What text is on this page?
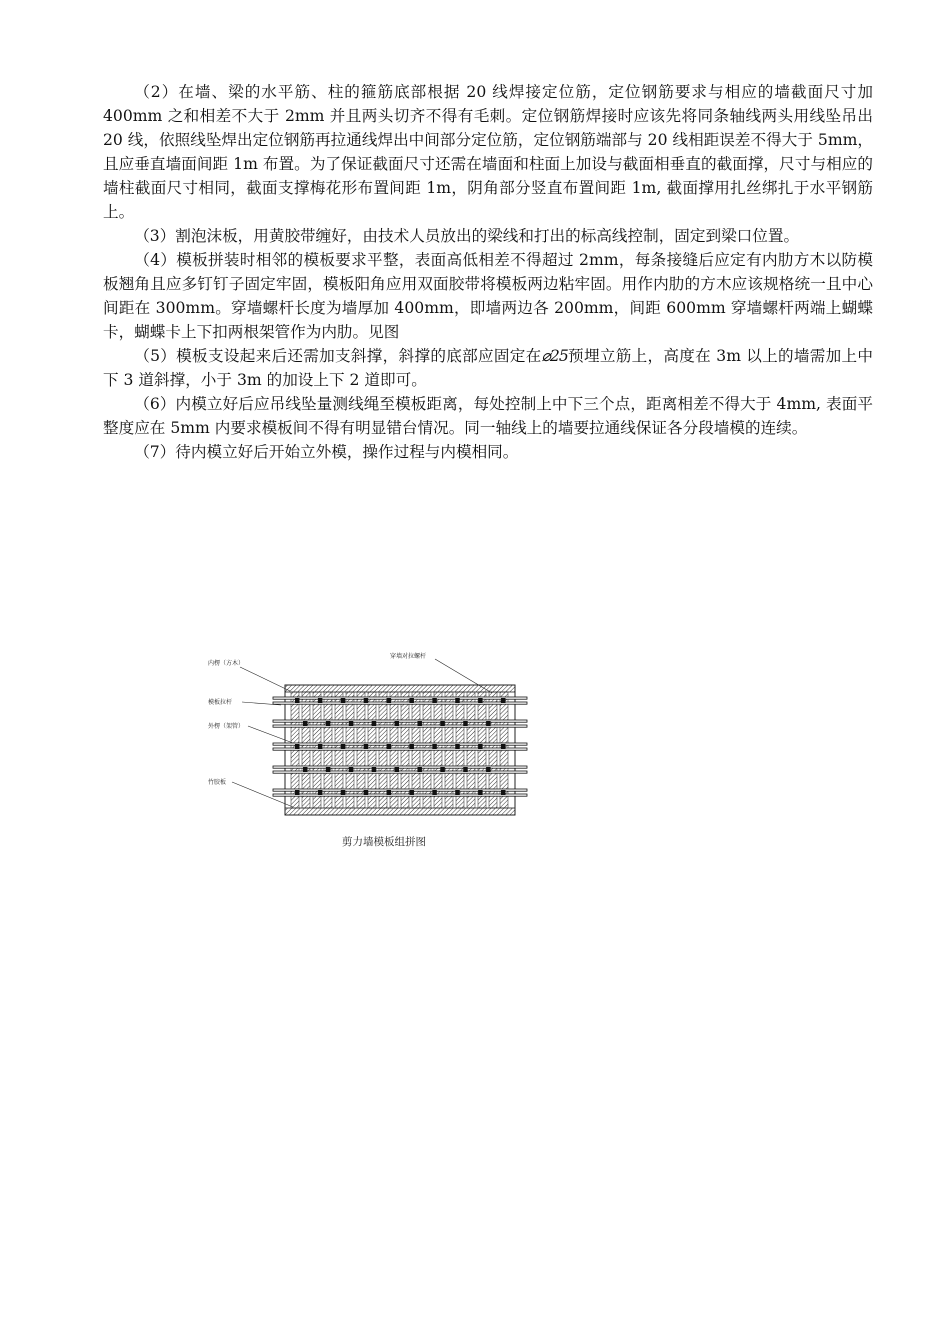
（2）在墙、梁的水平筋、柱的箍筋底部根据 20 线焊接定位筋，定位钢筋要求与相应的墙截面尺寸加 400mm 之和相差不大于 2mm 并且两头切齐不得有毛刺。定位钢筋焊接时应该先将同条轴线两头用线坠吊出 20 线，依照线坠焊出定位钢筋再拉通线焊出中间部分定位筋，定位钢筋端部与 20 线相距误差不得大于 5mm，且应垂直墙面间距 1m 布置。为了保证截面尺寸还需在墙面和柱面上加设与截面相垂直的截面撑，尺寸与相应的墙柱截面尺寸相同，截面支撑梅花形布置间距 1m，阴角部分竖直布置间距 1m, 截面撑用扎丝绑扎于水平钢筋上。

（3）割泡沫板，用黄胶带缠好，由技术人员放出的梁线和打出的标高线控制，固定到梁口位置。

（4）模板拼装时相邻的模板要求平整，表面高低相差不得超过 2mm，每条接缝后应定有内肋方木以防模板翘角且应多钉钉子固定牢固，模板阳角应用双面胶带将模板两边粘牢固。用作内肋的方木应该规格统一且中心间距在 300mm。穿墙螺杆长度为墙厚加 400mm，即墙两边各 200mm，间距 600mm 穿墙螺杆两端上蝴蝶卡，蝴蝶卡上下扣两根架管作为内肋。见图

（5）模板支设起来后还需加支斜撑，斜撑的底部应固定在⌀25预埋立筋上，高度在 3m 以上的墙需加上中下 3 道斜撑，小于 3m 的加设上下 2 道即可。

（6）内模立好后应吊线坠量测线绳至模板距离，每处控制上中下三个点，距离相差不得大于 4mm, 表面平整度应在 5mm 内要求模板间不得有明显错台情况。同一轴线上的墙要拉通线保证各分段墙模的连续。

（7）待内模立好后开始立外模，操作过程与内模相同。

内楞（方木）
穿墙对拉螺杆
模板拉杆
外楞（架管）
竹胶板
剪力墙模板组拼图
